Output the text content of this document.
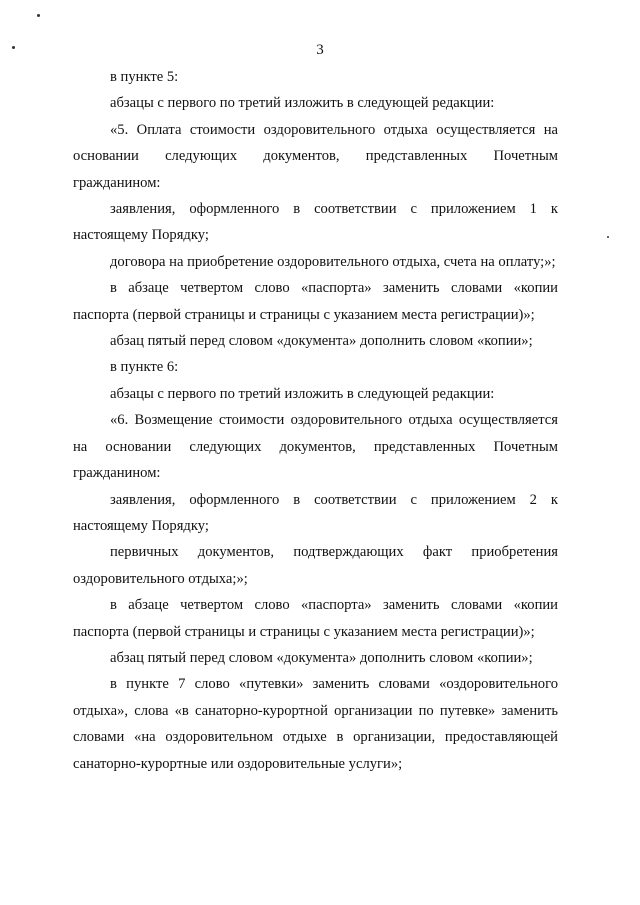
3

в пункте 5:

абзацы с первого по третий изложить в следующей редакции:

«5. Оплата стоимости оздоровительного отдыха осуществляется на основании следующих документов, представленных Почетным гражданином:

заявления, оформленного в соответствии с приложением 1 к настоящему Порядку;

договора на приобретение оздоровительного отдыха, счета на оплату;»;

в абзаце четвертом слово «паспорта» заменить словами «копии паспорта (первой страницы и страницы с указанием места регистрации)»;

абзац пятый перед словом «документа» дополнить словом «копии»;

в пункте 6:

абзацы с первого по третий изложить в следующей редакции:

«6. Возмещение стоимости оздоровительного отдыха осуществляется на основании следующих документов, представленных Почетным гражданином:

заявления, оформленного в соответствии с приложением 2 к настоящему Порядку;

первичных документов, подтверждающих факт приобретения оздоровительного отдыха;»;

в абзаце четвертом слово «паспорта» заменить словами «копии паспорта (первой страницы и страницы с указанием места регистрации)»;

абзац пятый перед словом «документа» дополнить словом «копии»;

в пункте 7 слово «путевки» заменить словами «оздоровительного отдыха», слова «в санаторно-курортной организации по путевке» заменить словами «на оздоровительном отдыхе в организации, предоставляющей санаторно-курортные или оздоровительные услуги»;
